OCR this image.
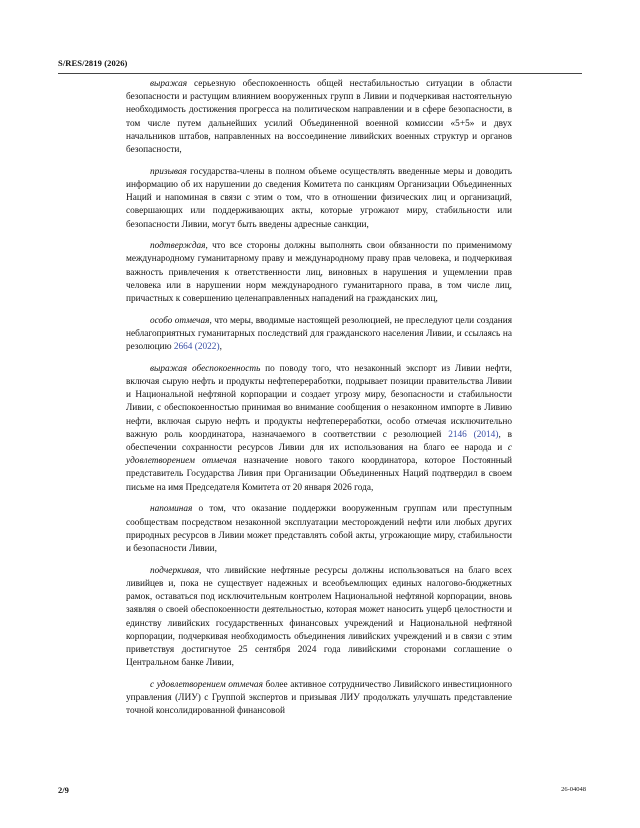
S/RES/2819 (2026)

выражая серьезную обеспокоенность общей нестабильностью ситуации в области безопасности и растущим влиянием вооруженных групп в Ливии и подчеркивая настоятельную необходимость достижения прогресса на политическом направлении и в сфере безопасности, в том числе путем дальнейших усилий Объединенной военной комиссии «5+5» и двух начальников штабов, направленных на воссоединение ливийских военных структур и органов безопасности,

призывая государства-члены в полном объеме осуществлять введенные меры и доводить информацию об их нарушении до сведения Комитета по санкциям Организации Объединенных Наций и напоминая в связи с этим о том, что в отношении физических лиц и организаций, совершающих или поддерживающих акты, которые угрожают миру, стабильности или безопасности Ливии, могут быть введены адресные санкции,

подтверждая, что все стороны должны выполнять свои обязанности по применимому международному гуманитарному праву и международному праву прав человека, и подчеркивая важность привлечения к ответственности лиц, виновных в нарушения и ущемлении прав человека или в нарушении норм международного гуманитарного права, в том числе лиц, причастных к совершению целенаправленных нападений на гражданских лиц,

особо отмечая, что меры, вводимые настоящей резолюцией, не преследуют цели создания неблагоприятных гуманитарных последствий для гражданского населения Ливии, и ссылаясь на резолюцию 2664 (2022),

выражая обеспокоенность по поводу того, что незаконный экспорт из Ливии нефти, включая сырую нефть и продукты нефтепереработки, подрывает позиции правительства Ливии и Национальной нефтяной корпорации и создает угрозу миру, безопасности и стабильности Ливии, с обеспокоенностью принимая во внимание сообщения о незаконном импорте в Ливию нефти, включая сырую нефть и продукты нефтепереработки, особо отмечая исключительно важную роль координатора, назначаемого в соответствии с резолюцией 2146 (2014), в обеспечении сохранности ресурсов Ливии для их использования на благо ее народа и с удовлетворением отмечая назначение нового такого координатора, которое Постоянный представитель Государства Ливия при Организации Объединенных Наций подтвердил в своем письме на имя Председателя Комитета от 20 января 2026 года,

напоминая о том, что оказание поддержки вооруженным группам или преступным сообществам посредством незаконной эксплуатации месторождений нефти или любых других природных ресурсов в Ливии может представлять собой акты, угрожающие миру, стабильности и безопасности Ливии,

подчеркивая, что ливийские нефтяные ресурсы должны использоваться на благо всех ливийцев и, пока не существует надежных и всеобъемлющих единых налогово-бюджетных рамок, оставаться под исключительным контролем Национальной нефтяной корпорации, вновь заявляя о своей обеспокоенности деятельностью, которая может наносить ущерб целостности и единству ливийских государственных финансовых учреждений и Национальной нефтяной корпорации, подчеркивая необходимость объединения ливийских учреждений и в связи с этим приветствуя достигнутое 25 сентября 2024 года ливийскими сторонами соглашение о Центральном банке Ливии,

с удовлетворением отмечая более активное сотрудничество Ливийского инвестиционного управления (ЛИУ) с Группой экспертов и призывая ЛИУ продолжать улучшать представление точной консолидированной финансовой

2/9	26-04048
